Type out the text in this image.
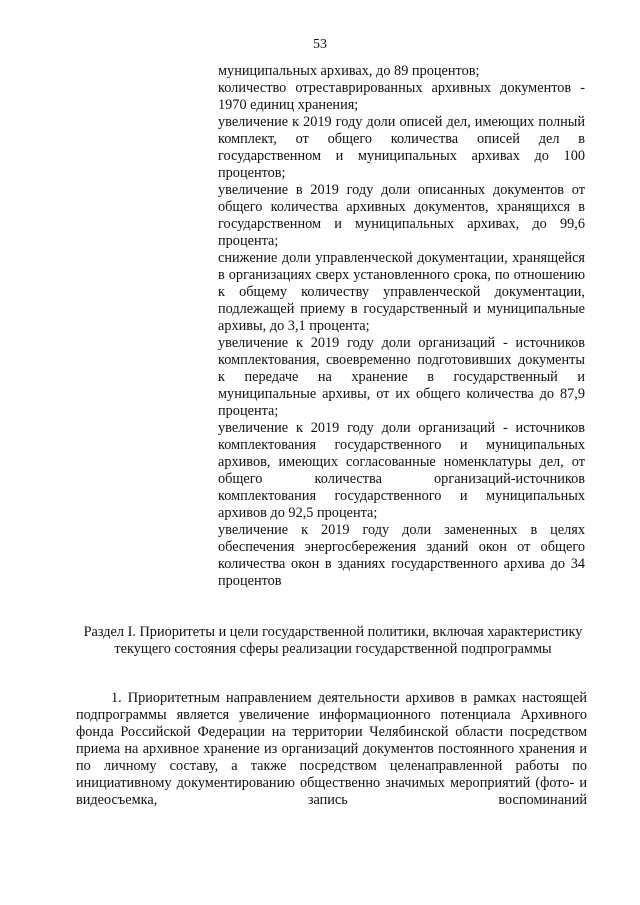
53

муниципальных архивах, до 89 процентов;

количество отреставрированных архивных документов - 1970 единиц хранения;

увеличение к 2019 году доли описей дел, имеющих полный комплект, от общего количества описей дел в государственном и муниципальных архивах до 100 процентов;

увеличение в 2019 году доли описанных документов от общего количества архивных документов, хранящихся в государственном и муниципальных архивах, до 99,6 процента;

снижение доли управленческой документации, хранящейся в организациях сверх установленного срока, по отношению к общему количеству управленческой документации, подлежащей приему в государственный и муниципальные архивы, до 3,1 процента;

увеличение к 2019 году доли организаций - источников комплектования, своевременно подготовивших документы к передаче на хранение в государственный и муниципальные архивы, от их общего количества до 87,9 процента;

увеличение к 2019 году доли организаций - источников комплектования государственного и муниципальных архивов, имеющих согласованные номенклатуры дел, от общего количества организаций-источников комплектования государственного и муниципальных архивов до 92,5 процента;

увеличение к 2019 году доли замененных в целях обеспечения энергосбережения зданий окон от общего количества окон в зданиях государственного архива до 34 процентов

Раздел I. Приоритеты и цели государственной политики, включая характеристику текущего состояния сферы реализации государственной подпрограммы

1. Приоритетным направлением деятельности архивов в рамках настоящей подпрограммы является увеличение информационного потенциала Архивного фонда Российской Федерации на территории Челябинской области посредством приема на архивное хранение из организаций документов постоянного хранения и по личному составу, а также посредством целенаправленной работы по инициативному документированию общественно значимых мероприятий (фото- и видеосъемка, запись воспоминаний
